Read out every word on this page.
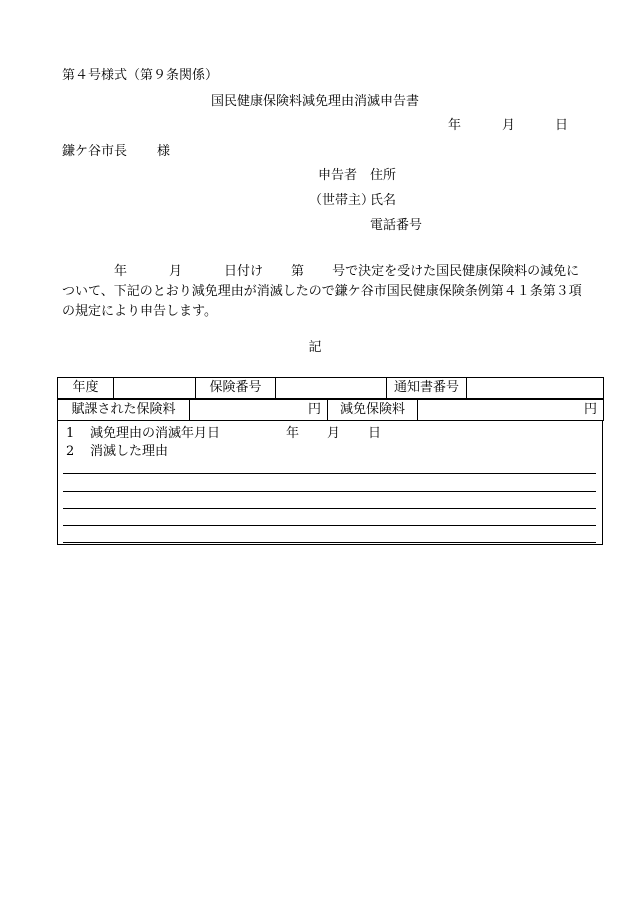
第４号様式（第９条関係）
国民健康保険料減免理由消滅申告書
年	月	日
鎌ケ谷市長 様
申告者 住所
（世帯主）
氏名
電話番号
年	月	日付け 第 号で決定を受けた国民健康保険料の減免について、下記のとおり減免理由が消滅したので鎌ケ谷市国民健康保険条例第４１条第３項の規定により申告します。
記
年度		保険番号		通知書番号	
賦課された保険料	円	減免保険料	円
1 減免理由の消滅年月日	年 月 日
2 消滅した理由
